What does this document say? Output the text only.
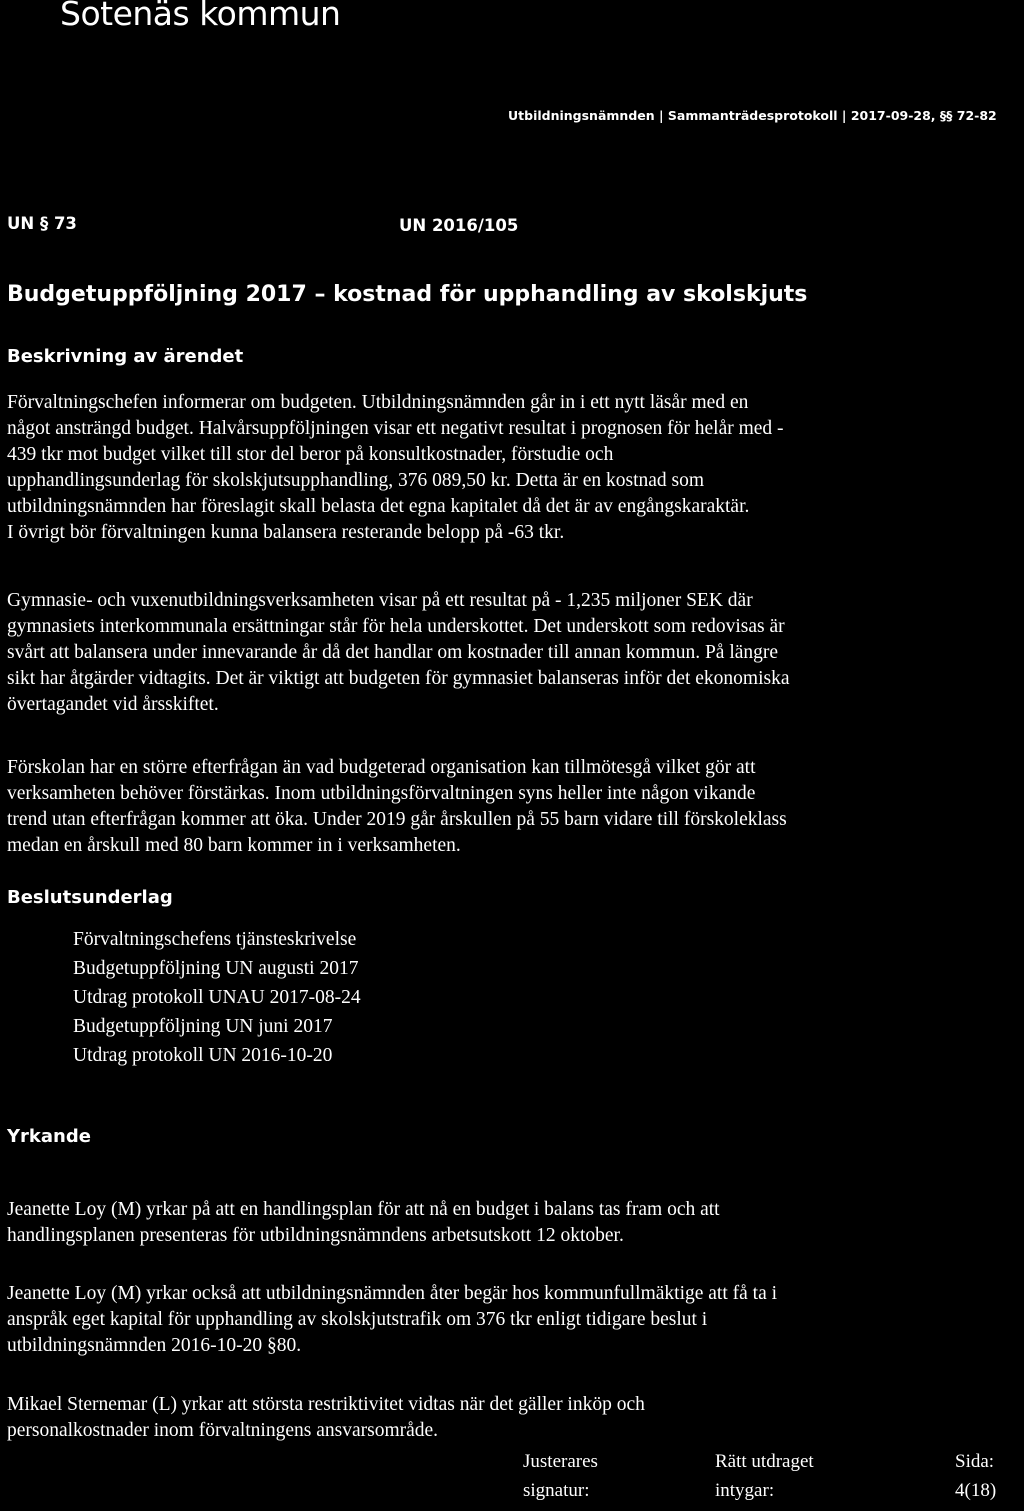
Sotenäs kommun
Utbildningsnämnden | Sammanträdesprotokoll | 2017-09-28, §§ 72-82
UN § 73	UN 2016/105
Budgetuppföljning 2017 – kostnad för upphandling av skolskjuts
Beskrivning av ärendet
Förvaltningschefen informerar om budgeten. Utbildningsnämnden går in i ett nytt läsår med en
något ansträngd budget. Halvårsuppföljningen visar ett negativt resultat i prognosen för helår med -
439 tkr mot budget vilket till stor del beror på konsultkostnader, förstudie och
upphandlingsunderlag för skolskjutsupphandling, 376 089,50 kr. Detta är en kostnad som
utbildningsnämnden har föreslagit skall belasta det egna kapitalet då det är av engångskaraktär.
I övrigt bör förvaltningen kunna balansera resterande belopp på -63 tkr.
Gymnasie- och vuxenutbildningsverksamheten visar på ett resultat på - 1,235 miljoner SEK där
gymnasiets interkommunala ersättningar står för hela underskottet. Det underskott som redovisas är
svårt att balansera under innevarande år då det handlar om kostnader till annan kommun. På längre
sikt har åtgärder vidtagits. Det är viktigt att budgeten för gymnasiet balanseras inför det ekonomiska
övertagandet vid årsskiftet.
Förskolan har en större efterfrågan än vad budgeterad organisation kan tillmötesgå vilket gör att
verksamheten behöver förstärkas. Inom utbildningsförvaltningen syns heller inte någon vikande
trend utan efterfrågan kommer att öka. Under 2019 går årskullen på 55 barn vidare till förskoleklass
medan en årskull med 80 barn kommer in i verksamheten.
Beslutsunderlag
Förvaltningschefens tjänsteskrivelse
Budgetuppföljning UN augusti 2017
Utdrag protokoll UNAU 2017-08-24
Budgetuppföljning UN juni 2017
Utdrag protokoll UN 2016-10-20
Yrkande
Jeanette Loy (M) yrkar på att en handlingsplan för att nå en budget i balans tas fram och att
handlingsplanen presenteras för utbildningsnämndens arbetsutskott 12 oktober.
Jeanette Loy (M) yrkar också att utbildningsnämnden åter begär hos kommunfullmäktige att få ta i
anspråk eget kapital för upphandling av skolskjutstrafik om 376 tkr enligt tidigare beslut i
utbildningsnämnden 2016-10-20 §80.
Mikael Sternemar (L) yrkar att största restriktivitet vidtas när det gäller inköp och
personalkostnader inom förvaltningens ansvarsområde.
Justerares
signatur:
Rätt utdraget
intygar:
Sida:
4(18)
